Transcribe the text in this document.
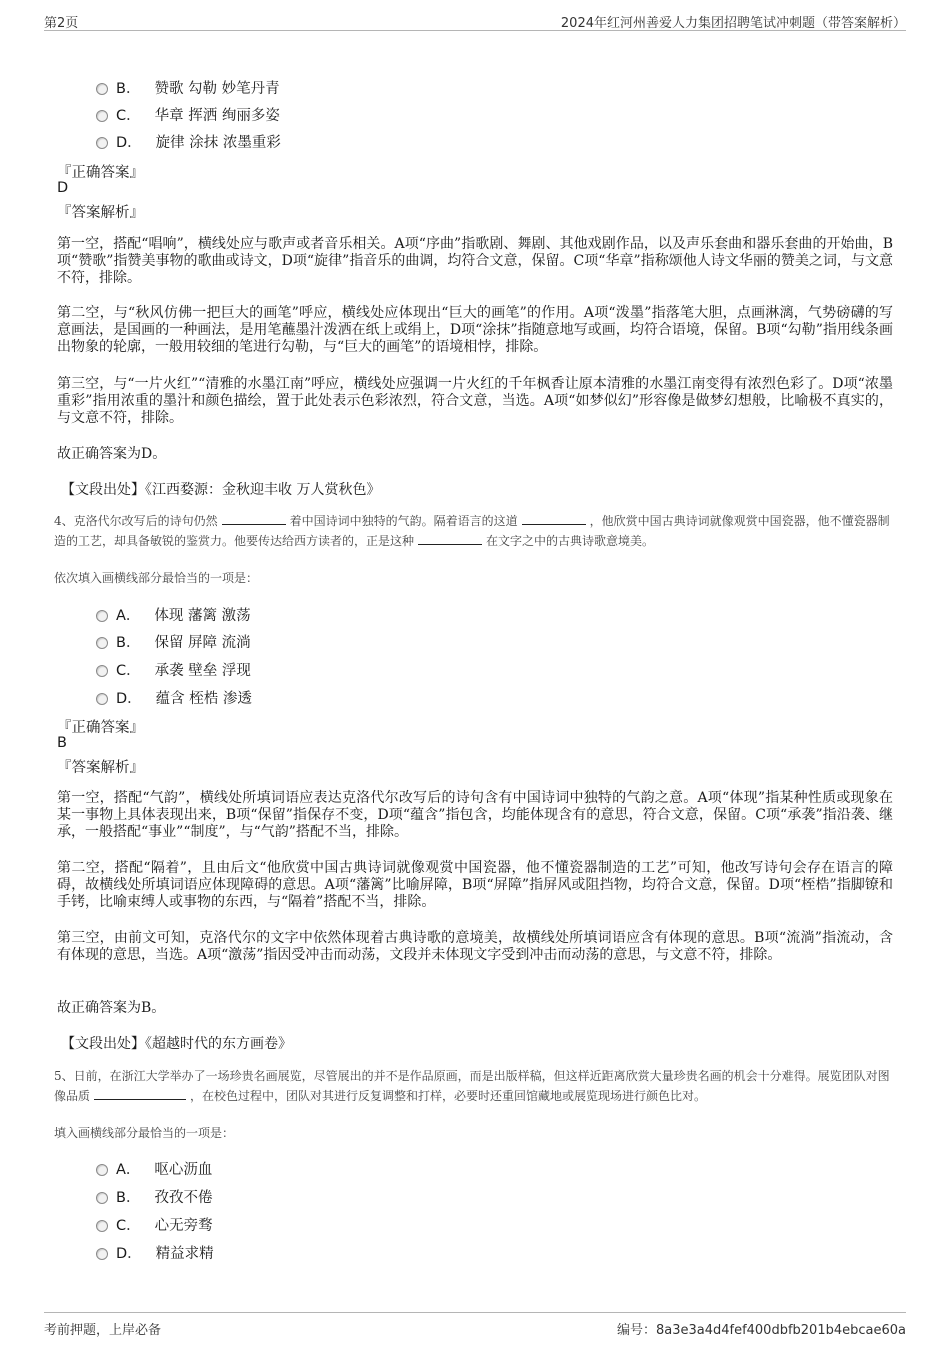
第2页	2024年红河州善爱人力集团招聘笔试冲刺题（带答案解析）
B． 赞歌 勾勒 妙笔丹青
C． 华章 挥洒 绚丽多姿
D． 旋律 涂抹 浓墨重彩
『正确答案』
D
『答案解析』
第一空，搭配“唱响”，横线处应与歌声或者音乐相关。A项“序曲”指歌剧、舞剧、其他戏剧作品，以及声乐套曲和器乐套曲的开始曲，B项“赞歌”指赞美事物的歌曲或诗文，D项“旋律”指音乐的曲调，均符合文意，保留。C项“华章”指称颂他人诗文华丽的赞美之词，与文意不符，排除。
第二空，与“秋风仿佛一把巨大的画笔”呼应，横线处应体现出“巨大的画笔”的作用。A项“泼墨”指落笔大胆，点画淋漓，气势磅礴的写意画法，是国画的一种画法，是用笔蘸墨汁泼洒在纸上或绢上，D项“涂抹”指随意地写或画，均符合语境，保留。B项“勾勒”指用线条画出物象的轮廓，一般用较细的笔进行勾勒，与“巨大的画笔”的语境相悖，排除。
第三空，与“一片火红”“清雅的水墨江南”呼应，横线处应强调一片火红的千年枫香让原本清雅的水墨江南变得有浓烈色彩了。D项“浓墨重彩”指用浓重的墨汁和颜色描绘，置于此处表示色彩浓烈，符合文意，当选。A项“如梦似幻”形容像是做梦幻想般，比喻极不真实的，与文意不符，排除。
故正确答案为D。
【文段出处】《江西婺源：金秋迎丰收 万人赏秋色》
4、克洛代尔改写后的诗句仍然	着中国诗词中独特的气韵。隔着语言的这道	，他欣赏中国古典诗词就像观赏中国瓷器，他不懂瓷器制造的工艺，却具备敏锐的鉴赏力。他要传达给西方读者的，正是这种	在文字之中的古典诗歌意境美。
依次填入画横线部分最恰当的一项是：
A． 体现 藩篱 激荡
B． 保留 屏障 流淌
C． 承袭 壁垒 浮现
D． 蕴含 桎梏 渗透
『正确答案』
B
『答案解析』
第一空，搭配“气韵”，横线处所填词语应表达克洛代尔改写后的诗句含有中国诗词中独特的气韵之意。A项“体现”指某种性质或现象在某一事物上具体表现出来，B项“保留”指保存不变，D项“蕴含”指包含，均能体现含有的意思，符合文意，保留。C项“承袭”指沿袭、继承，一般搭配“事业”“制度”，与“气韵”搭配不当，排除。
第二空，搭配“隔着”，且由后文“他欣赏中国古典诗词就像观赏中国瓷器，他不懂瓷器制造的工艺”可知，他改写诗句会存在语言的障碍，故横线处所填词语应体现障碍的意思。A项“藩篱”比喻屏障，B项“屏障”指屏风或阻挡物，均符合文意，保留。D项“桎梏”指脚镣和手铐，比喻束缚人或事物的东西，与“隔着”搭配不当，排除。
第三空，由前文可知，克洛代尔的文字中依然体现着古典诗歌的意境美，故横线处所填词语应含有体现的意思。B项“流淌”指流动，含有体现的意思，当选。A项“激荡”指因受冲击而动荡，文段并未体现文字受到冲击而动荡的意思，与文意不符，排除。
故正确答案为B。
【文段出处】《超越时代的东方画卷》
5、日前，在浙江大学举办了一场珍贵名画展览，尽管展出的并不是作品原画，而是出版样稿，但这样近距离欣赏大量珍贵名画的机会十分难得。展览团队对图像品质	，在校色过程中，团队对其进行反复调整和打样，必要时还重回馆藏地或展览现场进行颜色比对。
填入画横线部分最恰当的一项是：
A． 呕心沥血
B． 孜孜不倦
C． 心无旁骛
D． 精益求精
考前押题，上岸必备	编号：8a3e3a4d4fef400dbfb201b4ebcae60a
